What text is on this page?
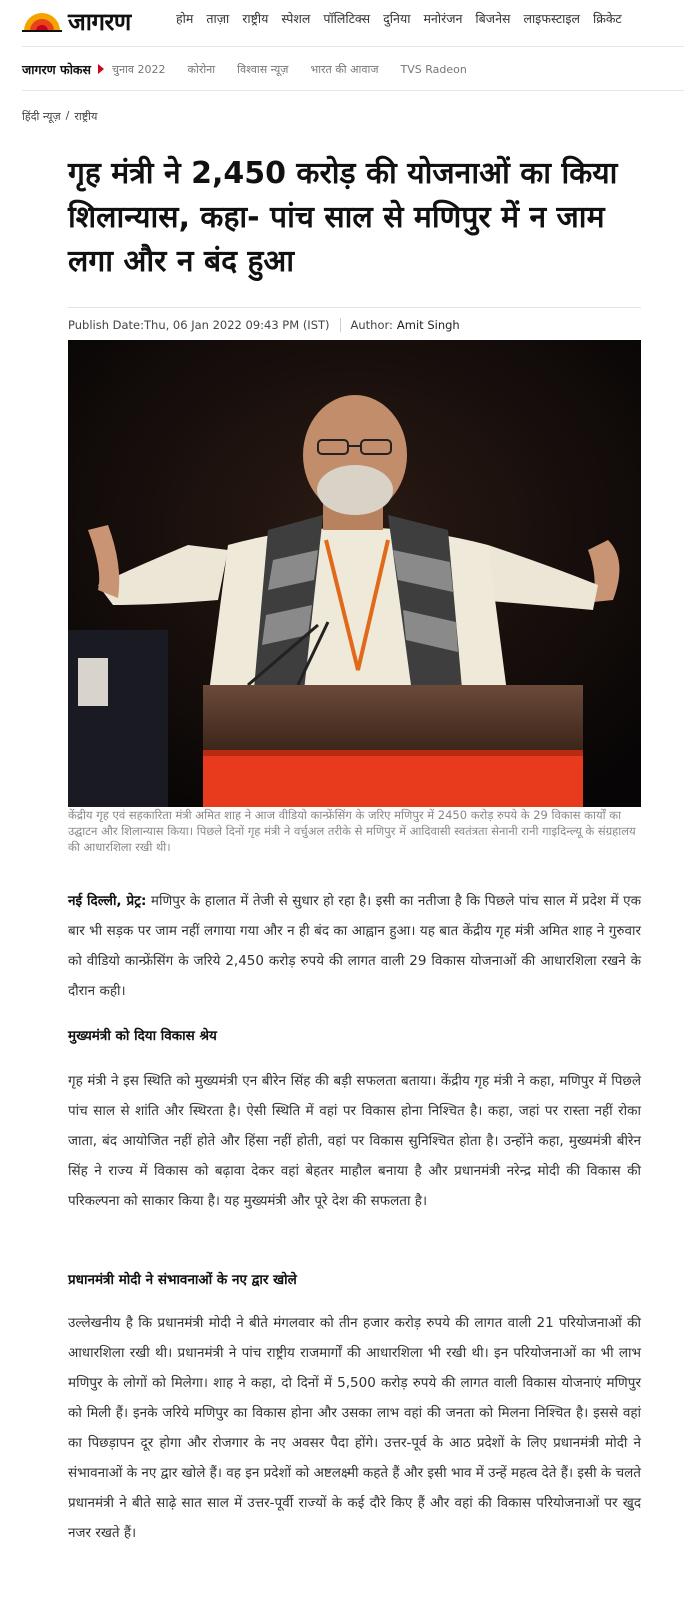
जागरण	होम ताज़ा राष्ट्रीय स्पेशल पॉलिटिक्स दुनिया मनोरंजन बिजनेस लाइफस्टाइल क्रिकेट
जागरण फोकस चुनाव 2022 कोरोना विश्वास न्यूज़ भारत की आवाज TVS Radeon
हिंदी न्यूज़ / राष्ट्रीय
गृह मंत्री ने 2,450 करोड़ की योजनाओं का किया शिलान्यास, कहा- पांच साल से मणिपुर में न जाम लगा और न बंद हुआ
Publish Date:Thu, 06 Jan 2022 09:43 PM (IST) Author: Amit Singh

केंद्रीय गृह एवं सहकारिता मंत्री अमित शाह ने आज वीडियो कान्फ्रेंसिंग के जरिए मणिपुर में 2450 करोड़ रुपये के 29 विकास कार्यों का उद्घाटन और शिलान्यास किया। पिछले दिनों गृह मंत्री ने वर्चुअल तरीके से मणिपुर में आदिवासी स्वतंत्रता सेनानी रानी गाइदिन्ल्यू के संग्रहालय की आधारशिला रखी थी।

नई दिल्ली, प्रेट्र: मणिपुर के हालात में तेजी से सुधार हो रहा है। इसी का नतीजा है कि पिछले पांच साल में प्रदेश में एक बार भी सड़क पर जाम नहीं लगाया गया और न ही बंद का आह्वान हुआ। यह बात केंद्रीय गृह मंत्री अमित शाह ने गुरुवार को वीडियो कान्फ्रेंसिंग के जरिये 2,450 करोड़ रुपये की लागत वाली 29 विकास योजनाओं की आधारशिला रखने के दौरान कही।

मुख्यमंत्री को दिया विकास श्रेय

गृह मंत्री ने इस स्थिति को मुख्यमंत्री एन बीरेन सिंह की बड़ी सफलता बताया। केंद्रीय गृह मंत्री ने कहा, मणिपुर में पिछले पांच साल से शांति और स्थिरता है। ऐसी स्थिति में वहां पर विकास होना निश्चित है। कहा, जहां पर रास्ता नहीं रोका जाता, बंद आयोजित नहीं होते और हिंसा नहीं होती, वहां पर विकास सुनिश्चित होता है। उन्होंने कहा, मुख्यमंत्री बीरेन सिंह ने राज्य में विकास को बढ़ावा देकर वहां बेहतर माहौल बनाया है और प्रधानमंत्री नरेन्द्र मोदी की विकास की परिकल्पना को साकार किया है। यह मुख्यमंत्री और पूरे देश की सफलता है।

प्रधानमंत्री मोदी ने संभावनाओं के नए द्वार खोले

उल्लेखनीय है कि प्रधानमंत्री मोदी ने बीते मंगलवार को तीन हजार करोड़ रुपये की लागत वाली 21 परियोजनाओं की आधारशिला रखी थी। प्रधानमंत्री ने पांच राष्ट्रीय राजमार्गों की आधारशिला भी रखी थी। इन परियोजनाओं का भी लाभ मणिपुर के लोगों को मिलेगा। शाह ने कहा, दो दिनों में 5,500 करोड़ रुपये की लागत वाली विकास योजनाएं मणिपुर को मिली हैं। इनके जरिये मणिपुर का विकास होना और उसका लाभ वहां की जनता को मिलना निश्चित है। इससे वहां का पिछड़ापन दूर होगा और रोजगार के नए अवसर पैदा होंगे। उत्तर-पूर्व के आठ प्रदेशों के लिए प्रधानमंत्री मोदी ने संभावनाओं के नए द्वार खोले हैं। वह इन प्रदेशों को अष्टलक्ष्मी कहते हैं और इसी भाव में उन्हें महत्व देते हैं। इसी के चलते प्रधानमंत्री ने बीते साढ़े सात साल में उत्तर-पूर्वी राज्यों के कई दौरे किए हैं और वहां की विकास परियोजनाओं पर खुद नजर रखते हैं।
